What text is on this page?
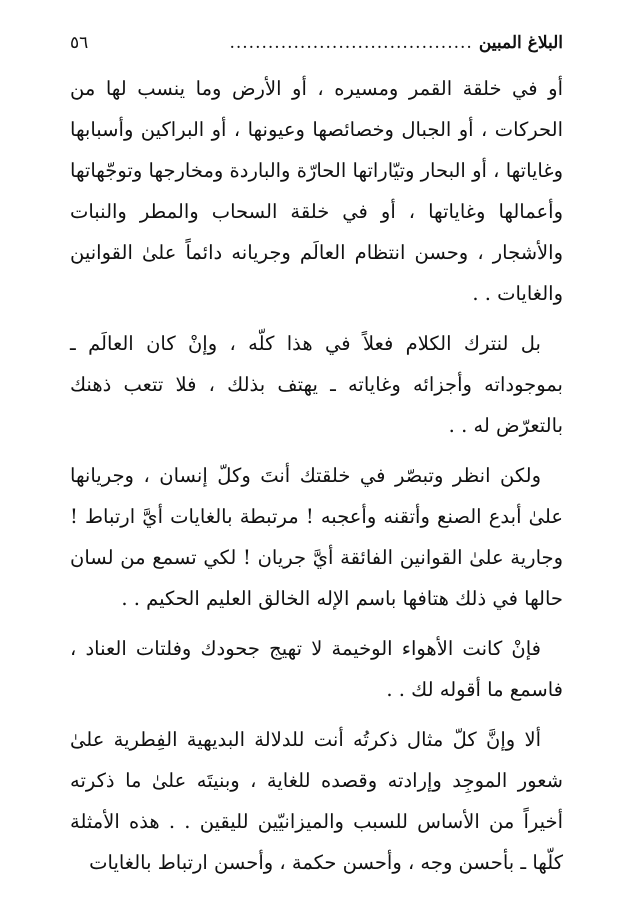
البلاغ المبين
......................................
٥٦

أو في خلقة القمر ومسيره ، أو الأرض وما ينسب لها من الحركات ، أو الجبال وخصائصها وعيونها ، أو البراكين وأسبابها وغاياتها ، أو البحار وتيّاراتها الحارّة والباردة ومخارجها وتوجّهاتها وأعمالها وغاياتها ، أو في خلقة السحاب والمطر والنبات والأشجار ، وحسن انتظام العالَم وجريانه دائماً علىٰ القوانين والغايات . .

بل لنترك الكلام فعلاً في هذا كلّه ، وإنْ كان العالَم ـ بموجوداته وأجزائه وغاياته ـ يهتف بذلك ، فلا تتعب ذهنك بالتعرّض له . .

ولكن انظر وتبصّر في خلقتك أنتَ وكلّ إنسان ، وجريانها علىٰ أبدع الصنع وأتقنه وأعجبه ! مرتبطة بالغايات أيَّ ارتباط ! وجارية علىٰ القوانين الفائقة أيَّ جريان ! لكي تسمع من لسان حالها في ذلك هتافها باسم الإله الخالق العليم الحكيم . .

فإنْ كانت الأهواء الوخيمة لا تهيج جحودك وفلتات العناد ، فاسمع ما أقوله لك . .

ألا وإنَّ كلّ مثال ذكرتُه أنت للدلالة البديهية الفِطرية علىٰ شعور الموجِد وإرادته وقصده للغاية ، وبنيتَه علىٰ ما ذكرته أخيراً من الأساس للسبب والميزانيّين لليقين . . هذه الأمثلة كلّها ـ بأحسن وجه ، وأحسن حكمة ، وأحسن ارتباط بالغايات
